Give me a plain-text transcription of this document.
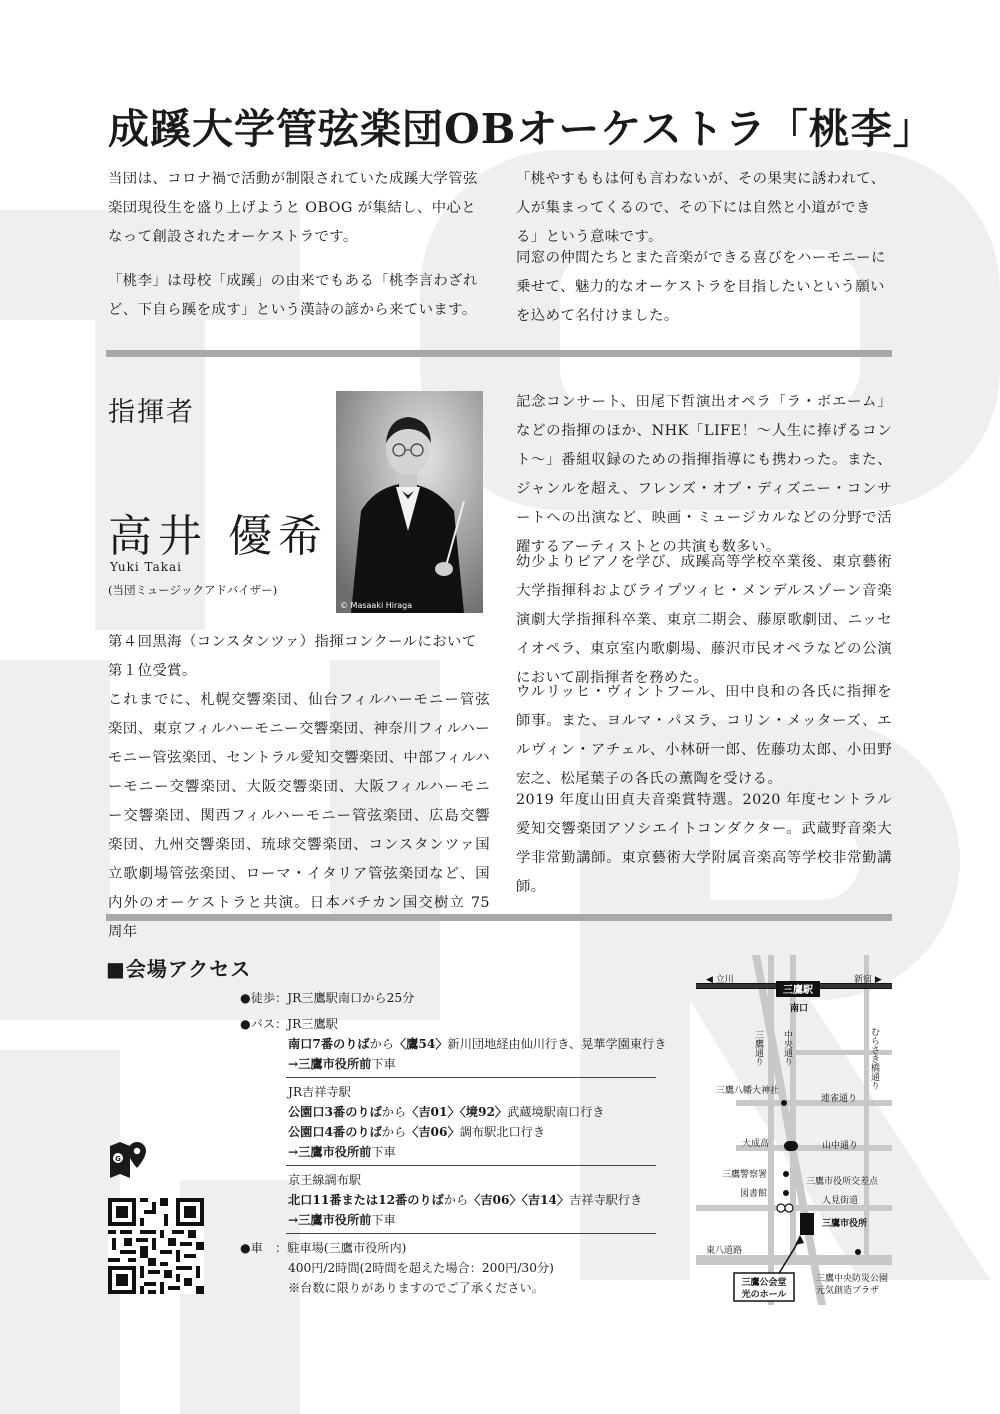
成蹊大学管弦楽団OBオーケストラ「桃李」
当団は、コロナ禍で活動が制限されていた成蹊大学管弦楽団現役生を盛り上げようと OBOG が集結し、中心となって創設されたオーケストラです。
「桃李」は母校「成蹊」の由来でもある「桃李言わざれど、下自ら蹊を成す」という漢詩の諺から来ています。
「桃やすももは何も言わないが、その果実に誘われて、人が集まってくるので、その下には自然と小道ができる」という意味です。
同窓の仲間たちとまた音楽ができる喜びをハーモニーに乗せて、魅力的なオーケストラを目指したいという願いを込めて名付けました。
指揮者
高井 優希
Yuki Takai
(当団ミュージックアドバイザー)
© Masaaki Hiraga
第４回黒海（コンスタンツァ）指揮コンクールにおいて第１位受賞。
これまでに、札幌交響楽団、仙台フィルハーモニー管弦楽団、東京フィルハーモニー交響楽団、神奈川フィルハーモニー管弦楽団、セントラル愛知交響楽団、中部フィルハーモニー交響楽団、大阪交響楽団、大阪フィルハーモニー交響楽団、関西フィルハーモニー管弦楽団、広島交響楽団、九州交響楽団、琉球交響楽団、コンスタンツァ国立歌劇場管弦楽団、ローマ・イタリア管弦楽団など、国内外のオーケストラと共演。日本バチカン国交樹立 75 周年
記念コンサート、田尾下哲演出オペラ「ラ・ボエーム」などの指揮のほか、NHK「LIFE！～人生に捧げるコント～」番組収録のための指揮指導にも携わった。また、ジャンルを超え、フレンズ・オブ・ディズニー・コンサートへの出演など、映画・ミュージカルなどの分野で活躍するアーティストとの共演も数多い。
幼少よりピアノを学び、成蹊高等学校卒業後、東京藝術大学指揮科およびライプツィヒ・メンデルスゾーン音楽演劇大学指揮科卒業、東京二期会、藤原歌劇団、ニッセイオペラ、東京室内歌劇場、藤沢市民オペラなどの公演において副指揮者を務めた。
ウルリッヒ・ヴィントフール、田中良和の各氏に指揮を師事。また、ヨルマ・パヌラ、コリン・メッターズ、エルヴィン・アチェル、小林研一郎、佐藤功太郎、小田野宏之、松尾葉子の各氏の薫陶を受ける。
2019 年度山田貞夫音楽賞特選。2020 年度セントラル愛知交響楽団アソシエイトコンダクター。武蔵野音楽大学非常勤講師。東京藝術大学附属音楽高等学校非常勤講師。
■会場アクセス
●徒歩：JR三鷹駅南口から25分
●バス：JR三鷹駅
南口7番のりばから〈鷹54〉新川団地経由仙川行き、晃華学園東行き
→三鷹市役所前下車
JR吉祥寺駅
公園口3番のりばから〈吉01〉〈境92〉武蔵境駅南口行き
公園口4番のりばから〈吉06〉調布駅北口行き
→三鷹市役所前下車
京王線調布駅
北口11番または12番のりばから〈吉06〉〈吉14〉吉祥寺駅行き
→三鷹市役所前下車
●車　：駐車場(三鷹市役所内)
400円/2時間(2時間を超えた場合：200円/30分)
※台数に限りがありますのでご了承ください。
G
◀ 立川	新宿 ▶
三鷹駅
南口
三鷹通り 中央通り	むらさき橋通り
三鷹八幡大神社
連雀通り
大成高	山中通り
三鷹警察署
図書館
三鷹市役所交差点
人見街道
三鷹市役所
東八道路
三鷹公会堂
光のホール
三鷹中央防災公園
元気創造プラザ
